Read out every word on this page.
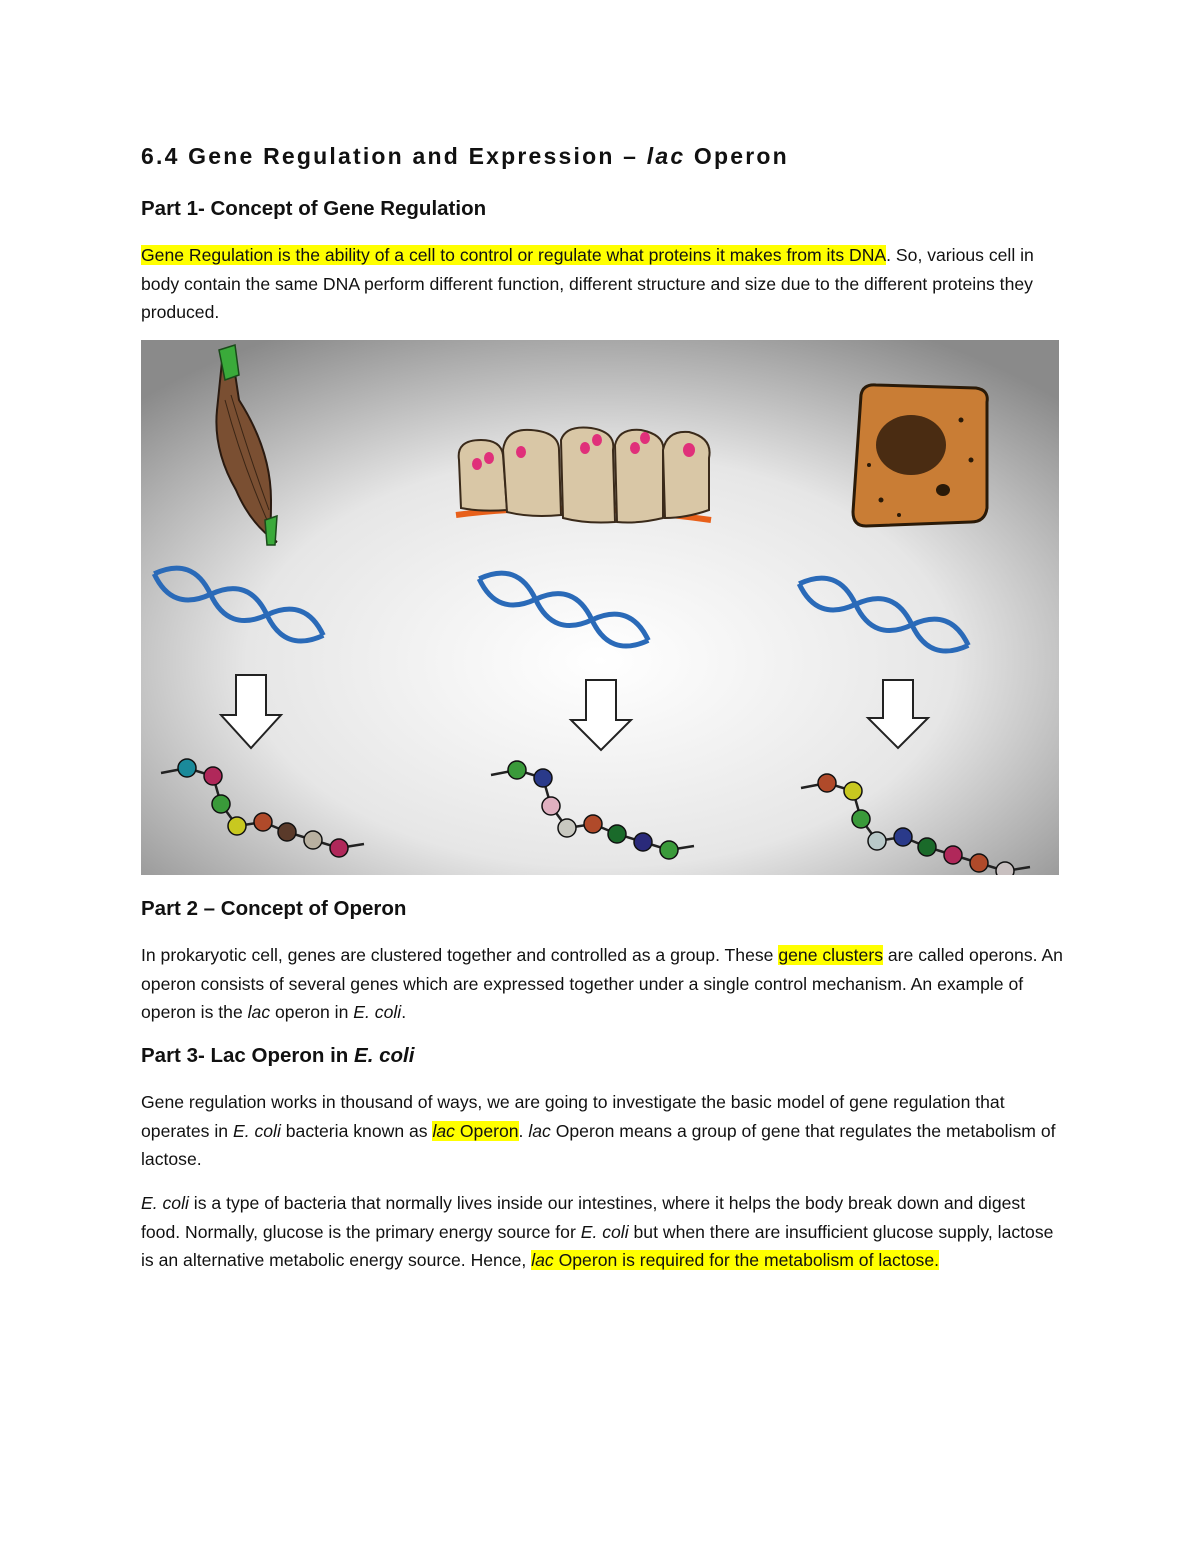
6.4 Gene Regulation and Expression – lac Operon
Part 1- Concept of Gene Regulation
Gene Regulation is the ability of a cell to control or regulate what proteins it makes from its DNA. So, various cell in body contain the same DNA perform different function, different structure and size due to the different proteins they produced.
Part 2 – Concept of Operon
In prokaryotic cell, genes are clustered together and controlled as a group. These gene clusters are called operons. An operon consists of several genes which are expressed together under a single control mechanism. An example of operon is the lac operon in E. coli.
Part 3- Lac Operon in E. coli
Gene regulation works in thousand of ways, we are going to investigate the basic model of gene regulation that operates in E. coli bacteria known as lac Operon. lac Operon means a group of gene that regulates the metabolism of lactose.
E. coli is a type of bacteria that normally lives inside our intestines, where it helps the body break down and digest food. Normally, glucose is the primary energy source for E. coli but when there are insufficient glucose supply, lactose is an alternative metabolic energy source. Hence, lac Operon is required for the metabolism of lactose.
